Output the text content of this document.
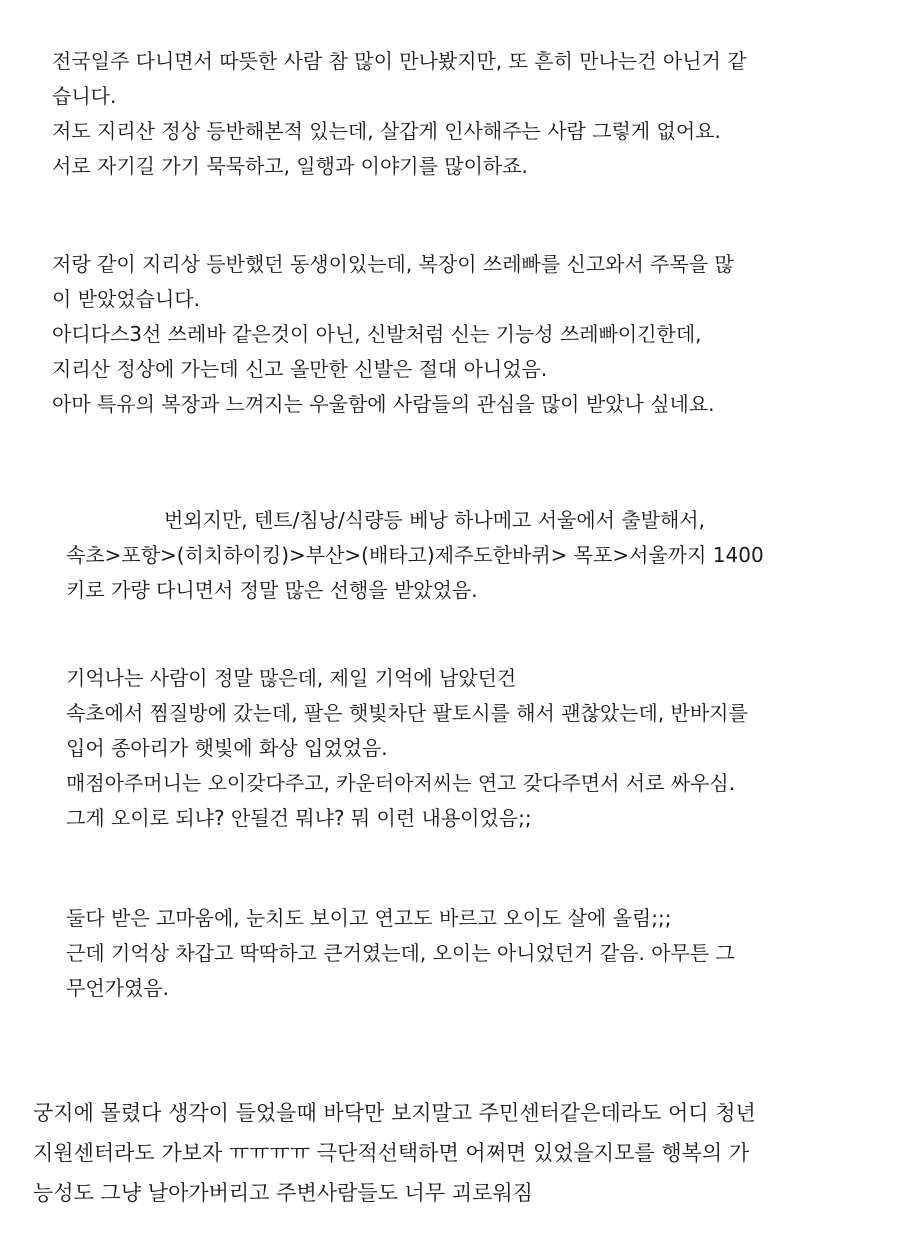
전국일주 다니면서 따뜻한 사람 참 많이 만나봤지만, 또 흔히 만나는건 아닌거 같
습니다.
저도 지리산 정상 등반해본적 있는데, 살갑게 인사해주는 사람 그렇게 없어요.
서로 자기길 가기 묵묵하고, 일행과 이야기를 많이하죠.
저랑 같이 지리상 등반했던 동생이있는데, 복장이 쓰레빠를 신고와서 주목을 많
이 받았었습니다.
아디다스3선 쓰레바 같은것이 아닌, 신발처럼 신는 기능성 쓰레빠이긴한데,
지리산 정상에 가는데 신고 올만한 신발은 절대 아니었음.
아마 특유의 복장과 느껴지는 우울함에 사람들의 관심을 많이 받았나 싶네요.
번외지만, 텐트/침낭/식량등 베낭 하나메고 서울에서 출발해서,
속초>포항>(히치하이킹)>부산>(배타고)제주도한바퀴> 목포>서울까지 1400
키로 가량 다니면서 정말 많은 선행을 받았었음.
기억나는 사람이 정말 많은데, 제일 기억에 남았던건
속초에서 찜질방에 갔는데, 팔은 햇빛차단 팔토시를 해서 괜찮았는데, 반바지를
입어 종아리가 햇빛에 화상 입었었음.
매점아주머니는 오이갖다주고, 카운터아저씨는 연고 갖다주면서 서로 싸우심.
그게 오이로 되냐? 안될건 뭐냐? 뭐 이런 내용이었음;;
둘다 받은 고마움에, 눈치도 보이고 연고도 바르고 오이도 살에 올림;;;
근데 기억상 차갑고 딱딱하고 큰거였는데, 오이는 아니었던거 같음. 아무튼 그
무언가였음.
궁지에 몰렸다 생각이 들었을때 바닥만 보지말고 주민센터같은데라도 어디 청년
지원센터라도 가보자 ㅠㅠㅠㅠ 극단적선택하면 어쩌면 있었을지모를 행복의 가
능성도 그냥 날아가버리고 주변사람들도 너무 괴로워짐
